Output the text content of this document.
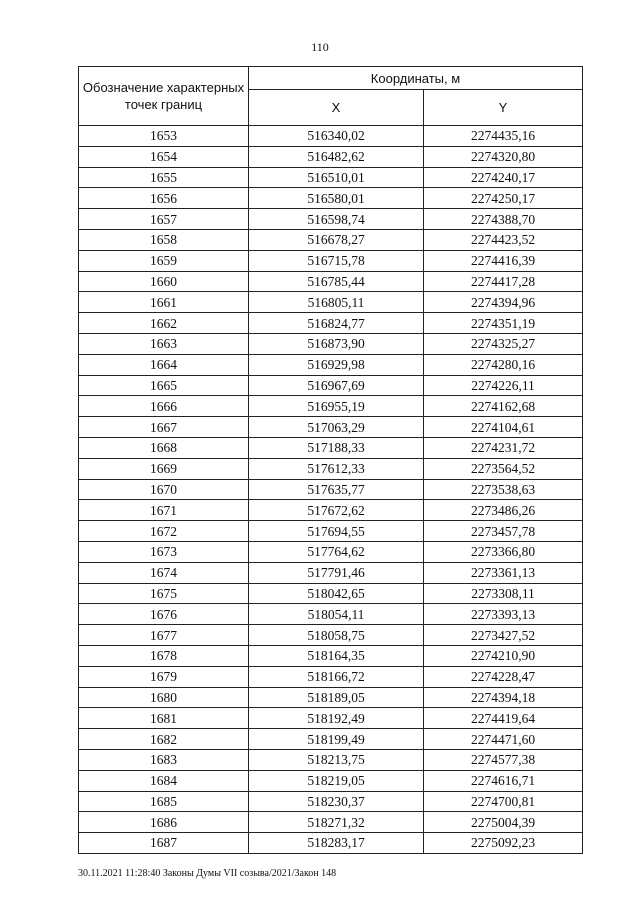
110
Обозначение характерных точек границ	Координаты, м	
	X	Y
1653	516340,02	2274435,16
1654	516482,62	2274320,80
1655	516510,01	2274240,17
1656	516580,01	2274250,17
1657	516598,74	2274388,70
1658	516678,27	2274423,52
1659	516715,78	2274416,39
1660	516785,44	2274417,28
1661	516805,11	2274394,96
1662	516824,77	2274351,19
1663	516873,90	2274325,27
1664	516929,98	2274280,16
1665	516967,69	2274226,11
1666	516955,19	2274162,68
1667	517063,29	2274104,61
1668	517188,33	2274231,72
1669	517612,33	2273564,52
1670	517635,77	2273538,63
1671	517672,62	2273486,26
1672	517694,55	2273457,78
1673	517764,62	2273366,80
1674	517791,46	2273361,13
1675	518042,65	2273308,11
1676	518054,11	2273393,13
1677	518058,75	2273427,52
1678	518164,35	2274210,90
1679	518166,72	2274228,47
1680	518189,05	2274394,18
1681	518192,49	2274419,64
1682	518199,49	2274471,60
1683	518213,75	2274577,38
1684	518219,05	2274616,71
1685	518230,37	2274700,81
1686	518271,32	2275004,39
1687	518283,17	2275092,23
30.11.2021 11:28:40 Законы Думы VII созыва/2021/Закон 148
